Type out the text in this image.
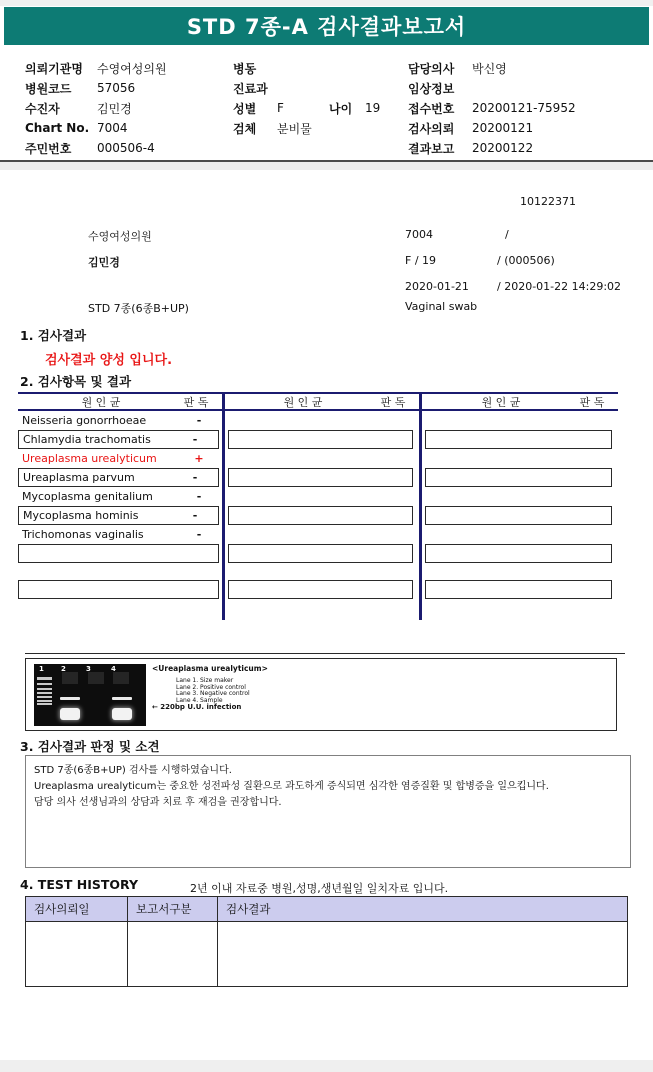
STD 7종-A 검사결과보고서
의뢰기관명	수영여성의원
병원코드	57056
수진자	김민경
Chart No. 7004
주민번호	000506-4
병동
진료과
성별	F	나이	19
검체	분비물
담당의사	박신영
임상정보
접수번호	20200121-75952
검사의뢰	20200121
결과보고	20200122
10122371
수영여성의원	7004	/
김민경	F / 19	/ (000506)
2020-01-21	/ 2020-01-22 14:29:02
STD 7종(6종B+UP)	Vaginal swab
1. 검사결과
검사결과 양성 입니다.
2. 검사항목 및 결과
원 인 균	판 독
Neisseria gonorrhoeae	-
Chlamydia trachomatis	-
Ureaplasma urealyticum	+
Ureaplasma parvum	-
Mycoplasma genitalium	-
Mycoplasma hominis	-
Trichomonas vaginalis	-
원 인 균	판 독	원 인 균	판 독
1 2	3	4	<Ureaplasma urealyticum>
Lane 1. Size maker
Lane 2. Positive control
Lane 3. Negative control
Lane 4. Sample
← 220bp U.U. infection
3. 검사결과 판정 및 소견
STD 7종(6종B+UP) 검사를 시행하였습니다.
Ureaplasma urealyticum는 중요한 성전파성 질환으로 과도하게 증식되면 심각한 염증질환 및 합병증을 일으킵니다.
담당 의사 선생님과의 상담과 치료 후 재검을 권장합니다.
4. TEST HISTORY	2년 이내 자료중 병원,성명,생년월일 일치자료 입니다.
검사의뢰일	보고서구분	검사결과
